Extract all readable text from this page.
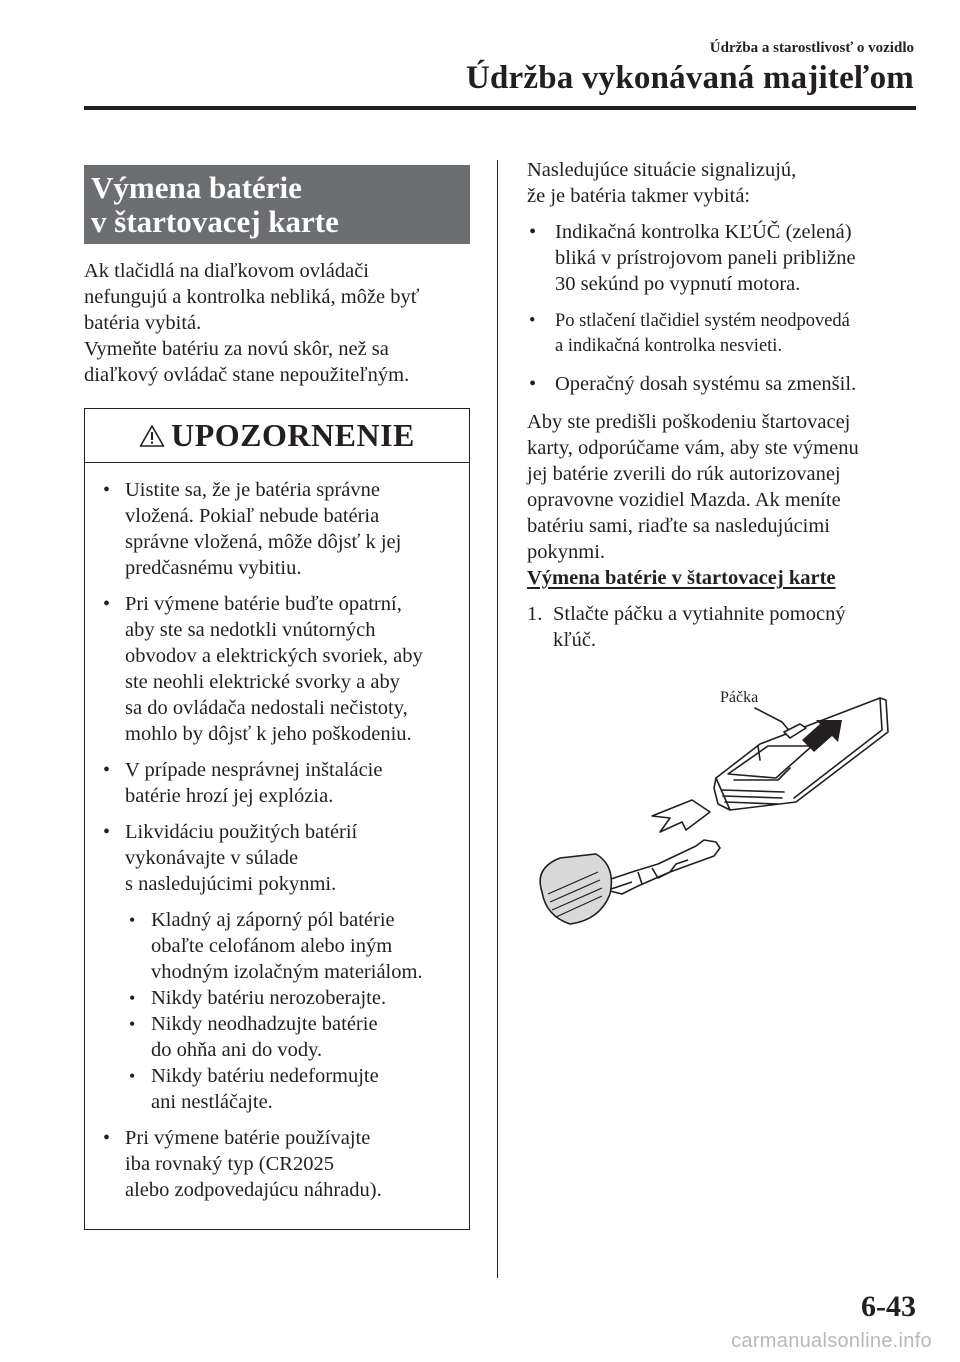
Údržba a starostlivosť o vozidlo
Údržba vykonávaná majiteľom
Výmena batérie
v štartovacej karte

Ak tlačidlá na diaľkovom ovládači

nefungujú a kontrolka nebliká, môže byť

batéria vybitá.

Vymeňte batériu za novú skôr, než sa

diaľkový ovládač stane nepoužiteľným.

UPOZORNENIE
• Uistite sa, že je batéria správne
vložená. Pokiaľ nebude batéria
správne vložená, môže dôjsť k jej
predčasnému vybitiu.
• Pri výmene batérie buďte opatrní,
aby ste sa nedotkli vnútorných
obvodov a elektrických svoriek, aby
ste neohli elektrické svorky a aby
sa do ovládača nedostali nečistoty,
mohlo by dôjsť k jeho poškodeniu.
• V prípade nesprávnej inštalácie
batérie hrozí jej explózia.
• Likvidáciu použitých batérií
vykonávajte v súlade
s nasledujúcimi pokynmi.
• Kladný aj záporný pól batérie
obaľte celofánom alebo iným
vhodným izolačným materiálom.
• Nikdy batériu nerozoberajte.
• Nikdy neodhadzujte batérie
do ohňa ani do vody.
• Nikdy batériu nedeformujte
ani nestláčajte.
• Pri výmene batérie používajte
iba rovnaký typ (CR2025
alebo zodpovedajúcu náhradu).

Nasledujúce situácie signalizujú,

že je batéria takmer vybitá:

• Indikačná kontrolka KĽÚČ (zelená)
bliká v prístrojovom paneli približne
30 sekúnd po vypnutí motora.
• Po stlačení tlačidiel systém neodpovedá
a indikačná kontrolka nesvieti.
• Operačný dosah systému sa zmenšil.

Aby ste predišli poškodeniu štartovacej

karty, odporúčame vám, aby ste výmenu

jej batérie zverili do rúk autorizovanej

opravovne vozidiel Mazda. Ak meníte

batériu sami, riaďte sa nasledujúcimi

pokynmi.

Výmena batérie v štartovacej karte

1. Stlačte páčku a vytiahnite pomocný
kľúč.
Páčka
6-43
carmanualsonline.info
